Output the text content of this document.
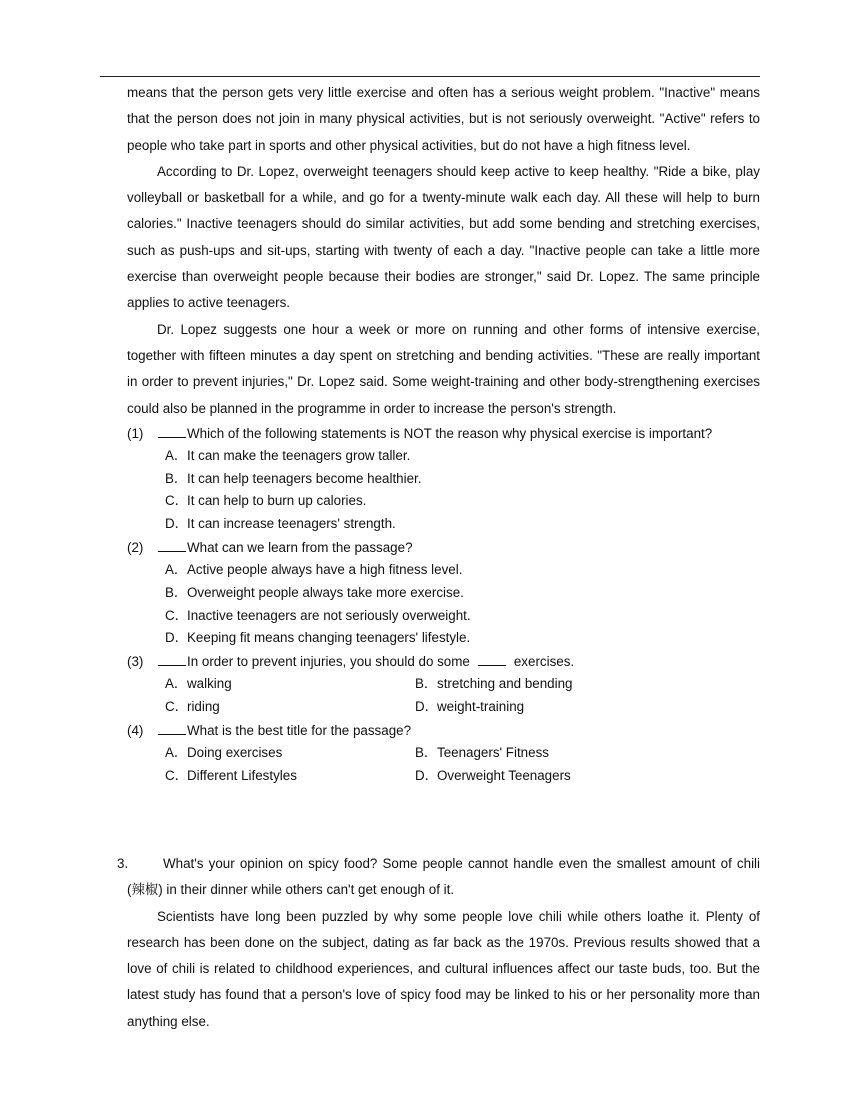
means that the person gets very little exercise and often has a serious weight problem. "Inactive" means that the person does not join in many physical activities, but is not seriously overweight. "Active" refers to people who take part in sports and other physical activities, but do not have a high fitness level.

According to Dr. Lopez, overweight teenagers should keep active to keep healthy. "Ride a bike, play volleyball or basketball for a while, and go for a twenty-minute walk each day. All these will help to burn calories." Inactive teenagers should do similar activities, but add some bending and stretching exercises, such as push-ups and sit-ups, starting with twenty of each a day. "Inactive people can take a little more exercise than overweight people because their bodies are stronger," said Dr. Lopez. The same principle applies to active teenagers.

Dr. Lopez suggests one hour a week or more on running and other forms of intensive exercise, together with fifteen minutes a day spent on stretching and bending activities. "These are really important in order to prevent injuries," Dr. Lopez said. Some weight-training and other body-strengthening exercises could also be planned in the programme in order to increase the person's strength.

(1)	Which of the following statements is NOT the reason why physical exercise is important?
A．It can make the teenagers grow taller.
B．It can help teenagers become healthier.
C．It can help to burn up calories.
D．It can increase teenagers' strength.
(2)	What can we learn from the passage?
A．Active people always have a high fitness level.
B．Overweight people always take more exercise.
C．Inactive teenagers are not seriously overweight.
D．Keeping fit means changing teenagers' lifestyle.
(3)	In order to prevent injuries, you should do some	exercises.
A．walking	B．stretching and bending
C．riding	D．weight-training
(4)	What is the best title for the passage?
A．Doing exercises	B．Teenagers' Fitness
C．Different Lifestyles	D．Overweight Teenagers
3.	What's your opinion on spicy food? Some people cannot handle even the smallest amount of chili (辣椒) in their dinner while others can't get enough of it.

Scientists have long been puzzled by why some people love chili while others loathe it. Plenty of research has been done on the subject, dating as far back as the 1970s. Previous results showed that a love of chili is related to childhood experiences, and cultural influences affect our taste buds, too. But the latest study has found that a person's love of spicy food may be linked to his or her personality more than anything else.
